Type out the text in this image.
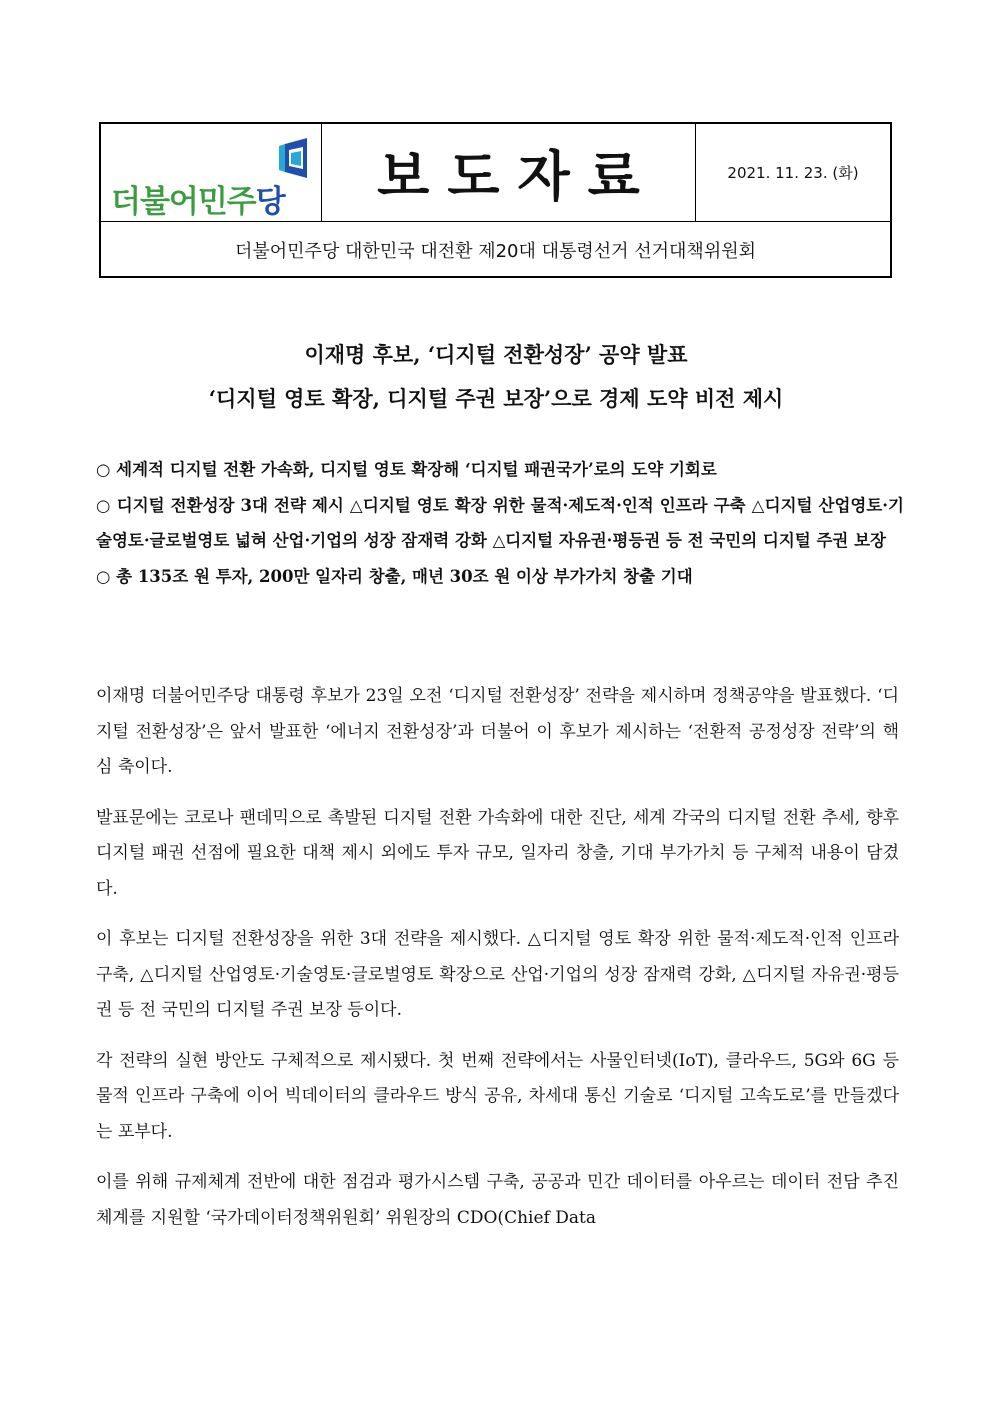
더불어민주당 보도자료	2021. 11. 23. (화)
더불어민주당 대한민국 대전환 제20대 대통령선거 선거대책위원회
이재명 후보, ‘디지털 전환성장’ 공약 발표
‘디지털 영토 확장, 디지털 주권 보장’으로 경제 도약 비전 제시

○ 세계적 디지털 전환 가속화, 디지털 영토 확장해 ‘디지털 패권국가’로의 도약 기회로

○ 디지털 전환성장 3대 전략 제시 △디지털 영토 확장 위한 물적·제도적·인적 인프라 구축 △디지털 산업영토·기술영토·글로벌영토 넓혀 산업·기업의 성장 잠재력 강화 △디지털 자유권·평등권 등 전 국민의 디지털 주권 보장

○ 총 135조 원 투자, 200만 일자리 창출, 매년 30조 원 이상 부가가치 창출 기대

이재명 더불어민주당 대통령 후보가 23일 오전 ‘디지털 전환성장’ 전략을 제시하며 정책공약을 발표했다. ‘디지털 전환성장’은 앞서 발표한 ‘에너지 전환성장’과 더불어 이 후보가 제시하는 ‘전환적 공정성장 전략’의 핵심 축이다.

발표문에는 코로나 팬데믹으로 촉발된 디지털 전환 가속화에 대한 진단, 세계 각국의 디지털 전환 추세, 향후 디지털 패권 선점에 필요한 대책 제시 외에도 투자 규모, 일자리 창출, 기대 부가가치 등 구체적 내용이 담겼다.

이 후보는 디지털 전환성장을 위한 3대 전략을 제시했다. △디지털 영토 확장 위한 물적·제도적·인적 인프라 구축, △디지털 산업영토·기술영토·글로벌영토 확장으로 산업·기업의 성장 잠재력 강화, △디지털 자유권·평등권 등 전 국민의 디지털 주권 보장 등이다.

각 전략의 실현 방안도 구체적으로 제시됐다. 첫 번째 전략에서는 사물인터넷(IoT), 클라우드, 5G와 6G 등 물적 인프라 구축에 이어 빅데이터의 클라우드 방식 공유, 차세대 통신 기술로 ‘디지털 고속도로’를 만들겠다는 포부다.

이를 위해 규제체계 전반에 대한 점검과 평가시스템 구축, 공공과 민간 데이터를 아우르는 데이터 전담 추진체계를 지원할 ‘국가데이터정책위원회’ 위원장의 CDO(Chief Data
